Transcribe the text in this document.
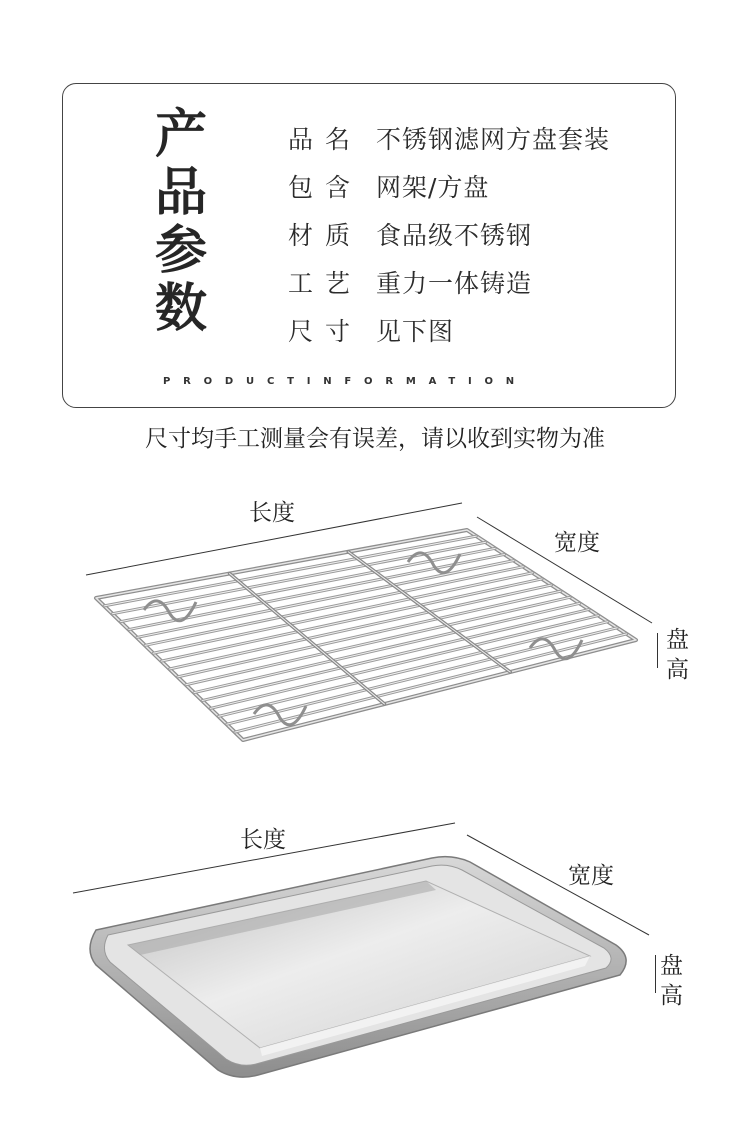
产
品
参
数
品名 不锈钢滤网方盘套装
包含 网架/方盘
材质 食品级不锈钢
工艺 重力一体铸造
尺寸 见下图
PRODUCTINFORMATION
尺寸均手工测量会有误差，请以收到实物为准
长度
宽度
盘
高
长度
宽度
盘
高
